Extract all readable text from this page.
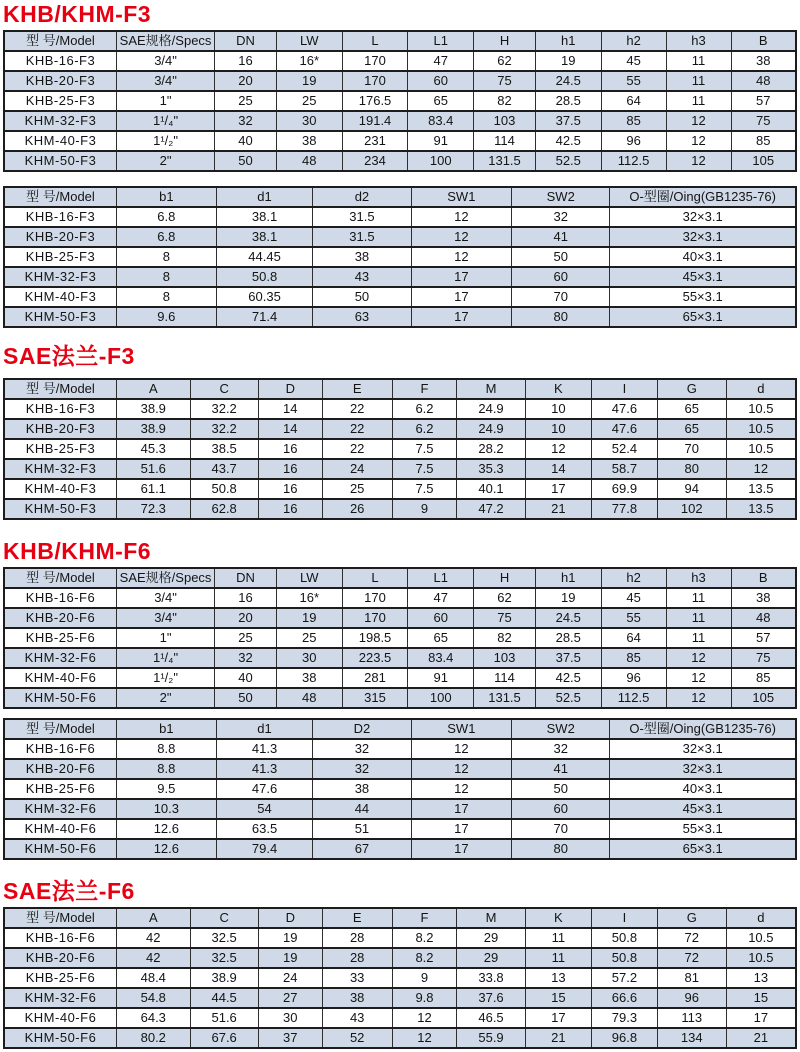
KHB/KHM-F3
型 号/Model	SAE规格/Specs	DN	LW	L	L1	H	h1	h2	h3	B
KHB-16-F3	3/4"	16	16*	170	47	62	19	45	11	38
KHB-20-F3	3/4"	20	19	170	60	75	24.5	55	11	48
KHB-25-F3	1"	25	25	176.5	65	82	28.5	64	11	57
KHM-32-F3	1¹/₄"	32	30	191.4	83.4	103	37.5	85	12	75
KHM-40-F3	1¹/₂"	40	38	231	91	114	42.5	96	12	85
KHM-50-F3	2"	50	48	234	100	131.5	52.5	112.5	12	105
型 号/Model	b1	d1	d2	SW1	SW2	O-型圈/Oing(GB1235-76)
KHB-16-F3	6.8	38.1	31.5	12	32	32×3.1
KHB-20-F3	6.8	38.1	31.5	12	41	32×3.1
KHB-25-F3	8	44.45	38	12	50	40×3.1
KHM-32-F3	8	50.8	43	17	60	45×3.1
KHM-40-F3	8	60.35	50	17	70	55×3.1
KHM-50-F3	9.6	71.4	63	17	80	65×3.1
SAE法兰-F3
型 号/Model	A	C	D	E	F	M	K	I	G	d
KHB-16-F3	38.9	32.2	14	22	6.2	24.9	10	47.6	65	10.5
KHB-20-F3	38.9	32.2	14	22	6.2	24.9	10	47.6	65	10.5
KHB-25-F3	45.3	38.5	16	22	7.5	28.2	12	52.4	70	10.5
KHM-32-F3	51.6	43.7	16	24	7.5	35.3	14	58.7	80	12
KHM-40-F3	61.1	50.8	16	25	7.5	40.1	17	69.9	94	13.5
KHM-50-F3	72.3	62.8	16	26	9	47.2	21	77.8	102	13.5
KHB/KHM-F6
型 号/Model	SAE规格/Specs	DN	LW	L	L1	H	h1	h2	h3	B
KHB-16-F6	3/4"	16	16*	170	47	62	19	45	11	38
KHB-20-F6	3/4"	20	19	170	60	75	24.5	55	11	48
KHB-25-F6	1"	25	25	198.5	65	82	28.5	64	11	57
KHM-32-F6	1¹/₄"	32	30	223.5	83.4	103	37.5	85	12	75
KHM-40-F6	1¹/₂"	40	38	281	91	114	42.5	96	12	85
KHM-50-F6	2"	50	48	315	100	131.5	52.5	112.5	12	105
型 号/Model	b1	d1	D2	SW1	SW2	O-型圈/Oing(GB1235-76)
KHB-16-F6	8.8	41.3	32	12	32	32×3.1
KHB-20-F6	8.8	41.3	32	12	41	32×3.1
KHB-25-F6	9.5	47.6	38	12	50	40×3.1
KHM-32-F6	10.3	54	44	17	60	45×3.1
KHM-40-F6	12.6	63.5	51	17	70	55×3.1
KHM-50-F6	12.6	79.4	67	17	80	65×3.1
SAE法兰-F6
型 号/Model	A	C	D	E	F	M	K	I	G	d
KHB-16-F6	42	32.5	19	28	8.2	29	11	50.8	72	10.5
KHB-20-F6	42	32.5	19	28	8.2	29	11	50.8	72	10.5
KHB-25-F6	48.4	38.9	24	33	9	33.8	13	57.2	81	13
KHM-32-F6	54.8	44.5	27	38	9.8	37.6	15	66.6	96	15
KHM-40-F6	64.3	51.6	30	43	12	46.5	17	79.3	113	17
KHM-50-F6	80.2	67.6	37	52	12	55.9	21	96.8	134	21
